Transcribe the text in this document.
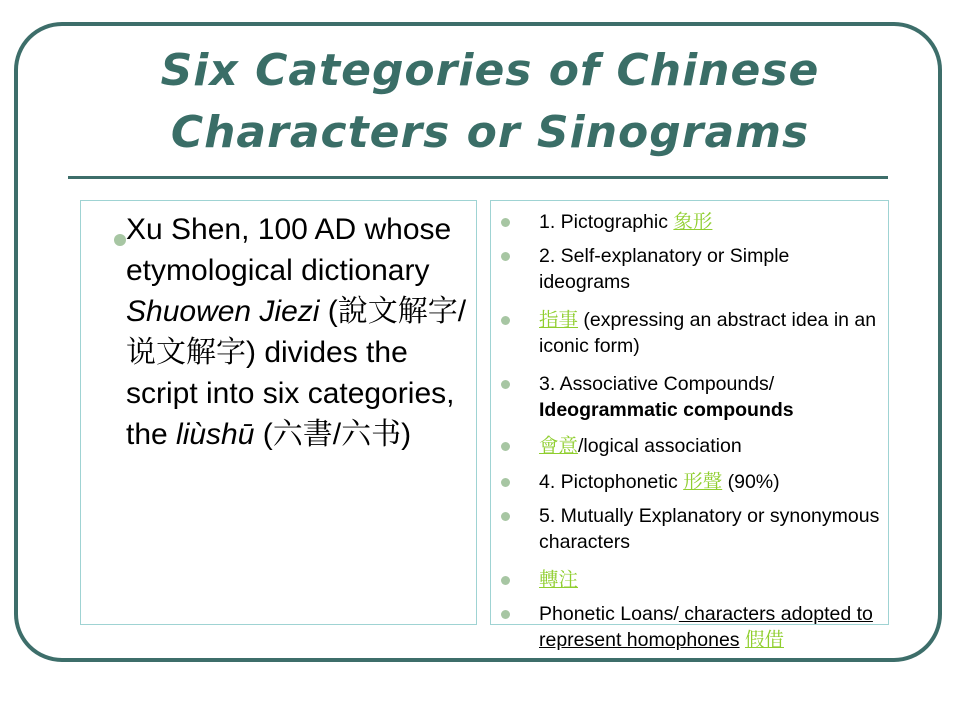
Six Categories of Chinese
Characters or Sinograms
Xu Shen, 100 AD whose etymological dictionary Shuowen Jiezi (說文解字/说文解字) divides the script into six categories, the liùshū (六書/六书)
1. Pictographic 象形
2. Self-explanatory or Simple ideograms
指事 (expressing an abstract idea in an iconic form)
3. Associative Compounds/ Ideogrammatic compounds
會意/logical association
4. Pictophonetic 形聲 (90%)
5. Mutually Explanatory or synonymous characters
轉注
Phonetic Loans/ characters adopted to represent homophones 假借
